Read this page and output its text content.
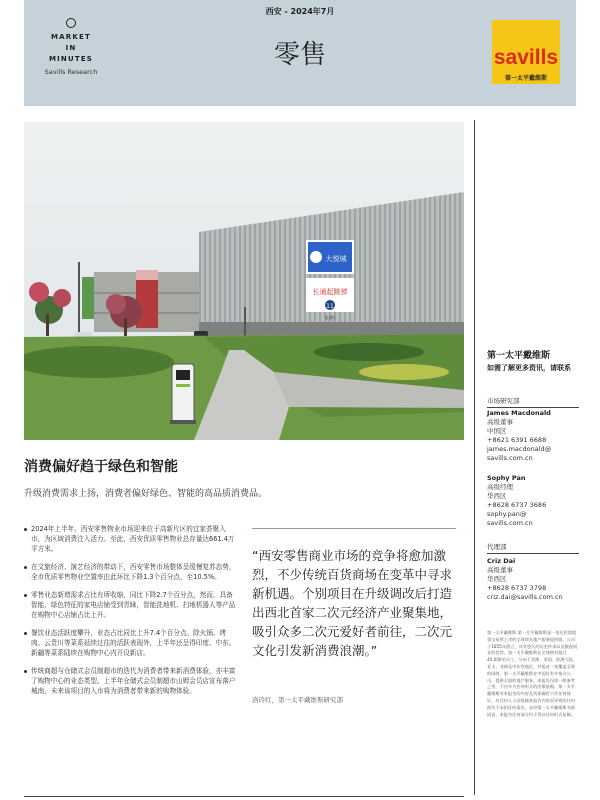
MARKET
IN
MINUTES
Savills Research
西安 - 2024年7月
零售	savills
第一太平戴维斯
大悦城
长通起跳弹
11
购物
消费偏好趋于绿色和智能
升级消费需求上扬，消费者偏好绿色、智能的高品质消费品。
2024年上半年，西安零售物业市场迎来位于高新片区的宜家荟聚入市，为区域消费注入活力。至此，西安优质零售物业总存量达661.4万平方米。
在文旅经济、演艺经济的带动下，西安零售市场整体呈缓慢复苏态势，全市优质零售物业空置率由此环比下降1.3个百分点，至10.5%。
零售业态新增需求占比有所收缩，同比下降2.7个百分点，然而，具备智能、绿色特征的家电店铺受到青睐，智能洗地机、扫地机器人等产品在购物中心店铺占比上升。
餐饮业态活跃度攀升，业态占比同比上升7.4个百分点。除火锅、烤肉、云贵川等菜系延续过往的活跃表现外，上半年还呈得印度、中东、新疆等菜系陆续在购物中心内开设新店。
传统商超与仓储式会员制超市的迭代为消费者带来新消费体验，亦丰富了购物中心的业态类型。上半年仓储式会员制超市山姆会员店宣布落户城南，未来该项目的入市将为消费者带来新的购物体验。
“西安零售商业市场的竞争将愈加激烈，不少传统百货商场在变革中寻求新机遇。个别项目在升级调改后打造出西北首家二次元经济产业聚集地，吸引众多二次元爱好者前往，二次元文化引发新消费浪潮。”
洛玲红，第一太平戴维斯研究部
第一太平戴维斯
如需了解更多资讯，请联系
市场研究部
James Macdonald
高级董事
中国区
+8621 6391 6688
james.macdonald@
savills.com.cn
Sophy Pan
高级经理
华西区
+8628 6737 3686
sophy.pan@
savills.com.cn
代理部
Criz Dai
高级董事
华西区
+8628 6737 3798
criz.dai@savills.com.cn

第一太平戴维斯 第一太平戴维斯是一家在伦敦股票交易所上市的全球领先地产服务提供商。公司于1855年创立，具有悠久的历史传承以及傲视同业的优势。第一太平戴维斯在全球拥有超过40,000名员工，分布于美洲、英国、欧洲大陆、亚太、非洲及中东等地区，并组成一张覆盖全球的网络。第一太平戴维斯在中国设有多家分公司，提供全面的地产服务。本报告仅供一般参考之用，不应作为任何形式的决策依据。第一太平戴维斯对本报告的内容及其准确性不作任何保证，对任何人士因依赖本报告内容而导致的任何损失不承担任何责任。未经第一太平戴维斯书面同意，本报告任何部分均不得以任何形式复制。
